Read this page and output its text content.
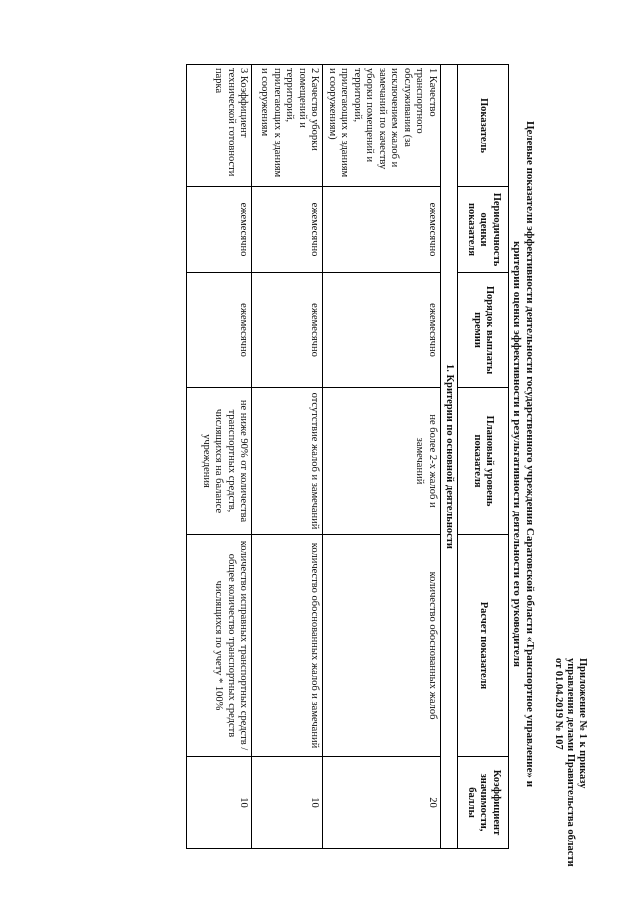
Приложение № 1 к приказу
управления делами Правительства области
от 01.04.2019 № 107
Целевые показатели эффективности деятельности государственного учреждения Саратовской области «Транспортное управление» и
критерии оценки эффективности и результативности деятельности его руководителя
Показатель	Периодичность оценки показателя	Порядок выплаты премии	Плановый уровень показателя	Расчет показателя	Коэффициент значимости, баллы
1. Критерии по основной деятельности					
1 Качество транспортного обслуживания (за исключением жалоб и замечаний по качеству уборки помещений и территорий, прилегающих к зданиям и сооружениям)	ежемесячно	ежемесячно	не более 2-х жалоб и замечаний	количество обоснованных жалоб	20
2 Качество уборки помещений и территорий, прилегающих к зданиям и сооружениям	ежемесячно	ежемесячно	отсутствие жалоб и замечаний	количество обоснованных жалоб и замечаний	10
3 Коэффициент технической готовности парка	ежемесячно	ежемесячно	не ниже 90% от количества транспортных средств, числящихся на балансе учреждения	количество исправных транспортных средств / общее количество транспортных средств числящихся по учету * 100%	10
